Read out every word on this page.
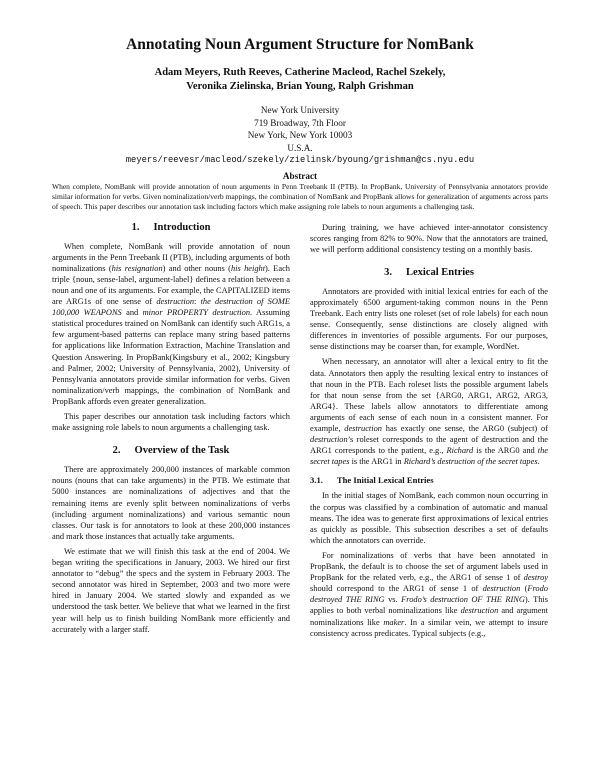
Annotating Noun Argument Structure for NomBank
Adam Meyers, Ruth Reeves, Catherine Macleod, Rachel Szekely,
Veronika Zielinska, Brian Young, Ralph Grishman
New York University
719 Broadway, 7th Floor
New York, New York 10003
U.S.A.
meyers/reevesr/macleod/szekely/zielinsk/byoung/grishman@cs.nyu.edu
Abstract
When complete, NomBank will provide annotation of noun arguments in Penn Treebank II (PTB). In PropBank, University of Pennsylvania annotators provide similar information for verbs. Given nominalization/verb mappings, the combination of NomBank and PropBank allows for generalization of arguments across parts of speech. This paper describes our annotation task including factors which make assigning role labels to noun arguments a challenging task.
1. Introduction

When complete, NomBank will provide annotation of noun arguments in the Penn Treebank II (PTB), including arguments of both nominalizations (his resignation) and other nouns (his height). Each triple {noun, sense-label, argument-label} defines a relation between a noun and one of its arguments. For example, the CAPITALIZED items are ARG1s of one sense of destruction: the destruction of SOME 100,000 WEAPONS and minor PROPERTY destruction. Assuming statistical procedures trained on NomBank can identify such ARG1s, a few argument-based patterns can replace many string based patterns for applications like Information Extraction, Machine Translation and Question Answering. In PropBank(Kingsbury et al., 2002; Kingsbury and Palmer, 2002; University of Pennsylvania, 2002), University of Pennsylvania annotators provide similar information for verbs. Given nominalization/verb mappings, the combination of NomBank and PropBank affords even greater generalization.

This paper describes our annotation task including factors which make assigning role labels to noun arguments a challenging task.

2. Overview of the Task

There are approximately 200,000 instances of markable common nouns (nouns that can take arguments) in the PTB. We estimate that 5000 instances are nominalizations of adjectives and that the remaining items are evenly split between nominalizations of verbs (including argument nominalizations) and various semantic noun classes. Our task is for annotators to look at these 200,000 instances and mark those instances that actually take arguments.

We estimate that we will finish this task at the end of 2004. We began writing the specifications in January, 2003. We hired our first annotator to “debug” the specs and the system in February 2003. The second annotator was hired in September, 2003 and two more were hired in January 2004. We started slowly and expanded as we understood the task better. We believe that what we learned in the first year will help us to finish building NomBank more efficiently and accurately with a larger staff.

During training, we have achieved inter-annotator consistency scores ranging from 82% to 90%. Now that the annotators are trained, we will perform additional consistency testing on a monthly basis.

3. Lexical Entries

Annotators are provided with initial lexical entries for each of the approximately 6500 argument-taking common nouns in the Penn Treebank. Each entry lists one roleset (set of role labels) for each noun sense. Consequently, sense distinctions are closely aligned with differences in inventories of possible arguments. For our purposes, sense distinctions may be coarser than, for example, WordNet.

When necessary, an annotator will alter a lexical entry to fit the data. Annotators then apply the resulting lexical entry to instances of that noun in the PTB. Each roleset lists the possible argument labels for that noun sense from the set {ARG0, ARG1, ARG2, ARG3, ARG4}. These labels allow annotators to differentiate among arguments of each sense of each noun in a consistent manner. For example, destruction has exactly one sense, the ARG0 (subject) of destruction’s roleset corresponds to the agent of destruction and the ARG1 corresponds to the patient, e.g., Richard is the ARG0 and the secret tapes is the ARG1 in Richard’s destruction of the secret tapes.

3.1. The Initial Lexical Entries

In the initial stages of NomBank, each common noun occurring in the corpus was classified by a combination of automatic and manual means. The idea was to generate first approximations of lexical entries as quickly as possible. This subsection describes a set of defaults which the annotators can override.

For nominalizations of verbs that have been annotated in PropBank, the default is to choose the set of argument labels used in PropBank for the related verb, e.g., the ARG1 of sense 1 of destroy should correspond to the ARG1 of sense 1 of destruction (Frodo destroyed THE RING vs. Frodo’s destruction OF THE RING). This applies to both verbal nominalizations like destruction and argument nominalizations like maker. In a similar vein, we attempt to insure consistency across predicates. Typical subjects (e.g.,
